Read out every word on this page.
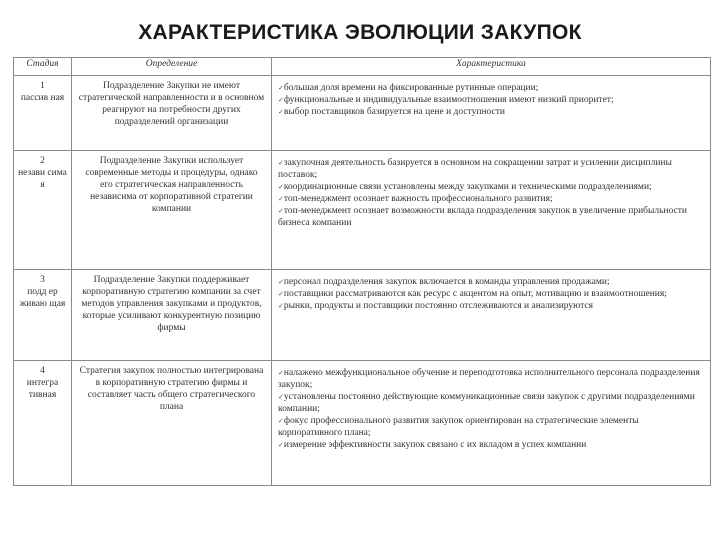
ХАРАКТЕРИСТИКА ЭВОЛЮЦИИ ЗАКУПОК
Стадия	Определение	Характеристика

1
пассив ная	Подразделение Закупки не имеют стратегической направленности и в основном реагируют на потребности других подразделений организации	✓большая доля времени на фиксированные рутинные операции;
✓функциональные и индивидуальные взаимоотношения имеют низкий приоритет;
✓выбор поставщиков базируется на цене и доступности

2
незави сима я	Подразделение Закупки использует современные методы и процедуры, однако его стратегическая направленность независима от корпоративной стратегии компании	✓закупочная деятельность базируется в основном на сокращении затрат и усилении дисциплины поставок;
✓координационные связи установлены между закупками и техническими подразделениями;
✓топ-менеджмент осознает важность профессионального развития;
✓топ-менеджмент осознает возможности вклада подразделения закупок в увеличение прибыльности бизнеса компании

3
подд ер живаю щая	Подразделение Закупки поддерживает корпоративную стратегию компании за счет методов управления закупками и продуктов, которые усиливают конкурентную позицию фирмы	✓персонал подразделения закупок включается в команды управления продажами;
✓поставщики рассматриваются как ресурс с акцентом на опыт, мотивацию и взаимоотношения;
✓рынки, продукты и поставщики постоянно отслеживаются и анализируются

4
интегра тивная	Стратегия закупок полностью интегрирована в корпоративную стратегию фирмы и составляет часть общего стратегического плана	✓налажено межфункциональное обучение и переподготовка исполнительного персонала подразделения закупок;
✓установлены постоянно действующие коммуникационные связи закупок с другими подразделениями компании;
✓фокус профессионального развития закупок ориентирован на стратегические элементы корпоративного плана;
✓измерение эффективности закупок связано с их вкладом в успех компании
